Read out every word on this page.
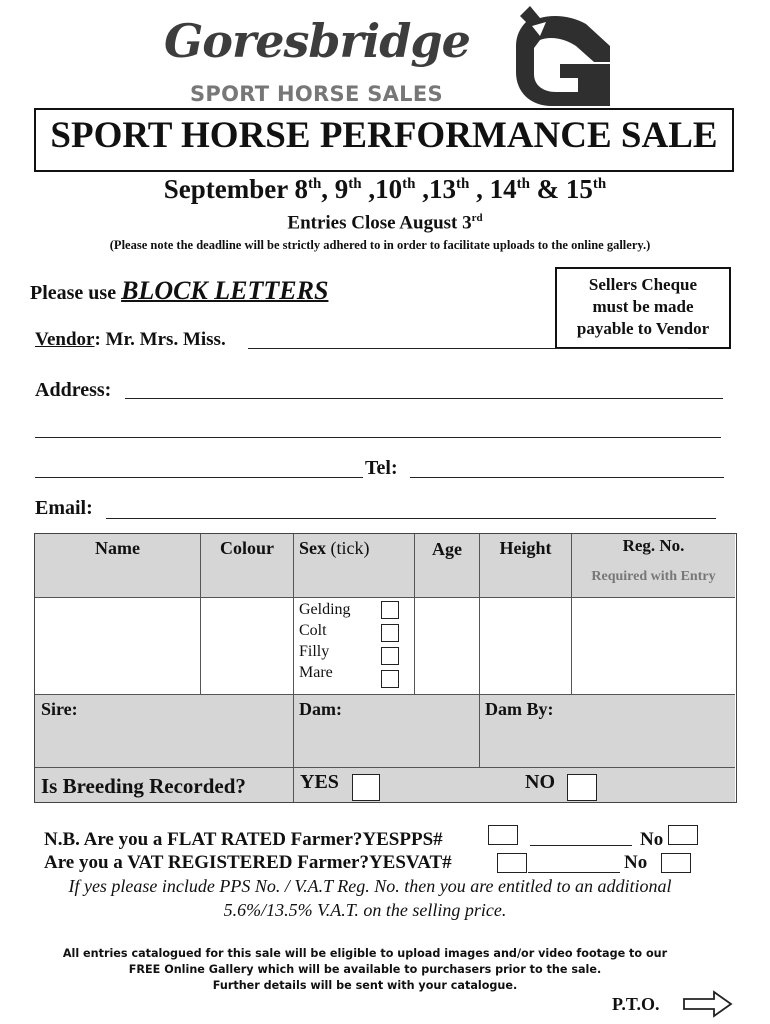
Goresbridge
SPORT HORSE SALES
SPORT HORSE PERFORMANCE SALE
September 8th, 9th ,10th ,13th , 14th & 15th
Entries Close August 3rd
(Please note the deadline will be strictly adhered to in order to facilitate uploads to the online gallery.)
Please use BLOCK LETTERS	Sellers Cheque
must be made
payable to Vendor
Vendor: Mr. Mrs. Miss.
Address:
Tel:
Email:
Name	Colour	Sex (tick)	Age	Height	Reg. No.
Required with Entry
Gelding
Colt
Filly
Mare
Sire:	Dam:	Dam By:
Is Breeding Recorded?	YES	NO
N.B. Are you a FLAT RATED Farmer?YESPPS#	No
Are you a VAT REGISTERED Farmer?YESVAT#	No
If yes please include PPS No. / V.A.T Reg. No. then you are entitled to an additional
5.6%/13.5% V.A.T. on the selling price.
All entries catalogued for this sale will be eligible to upload images and/or video footage to our
FREE Online Gallery which will be available to purchasers prior to the sale.
Further details will be sent with your catalogue.
P.T.O.
